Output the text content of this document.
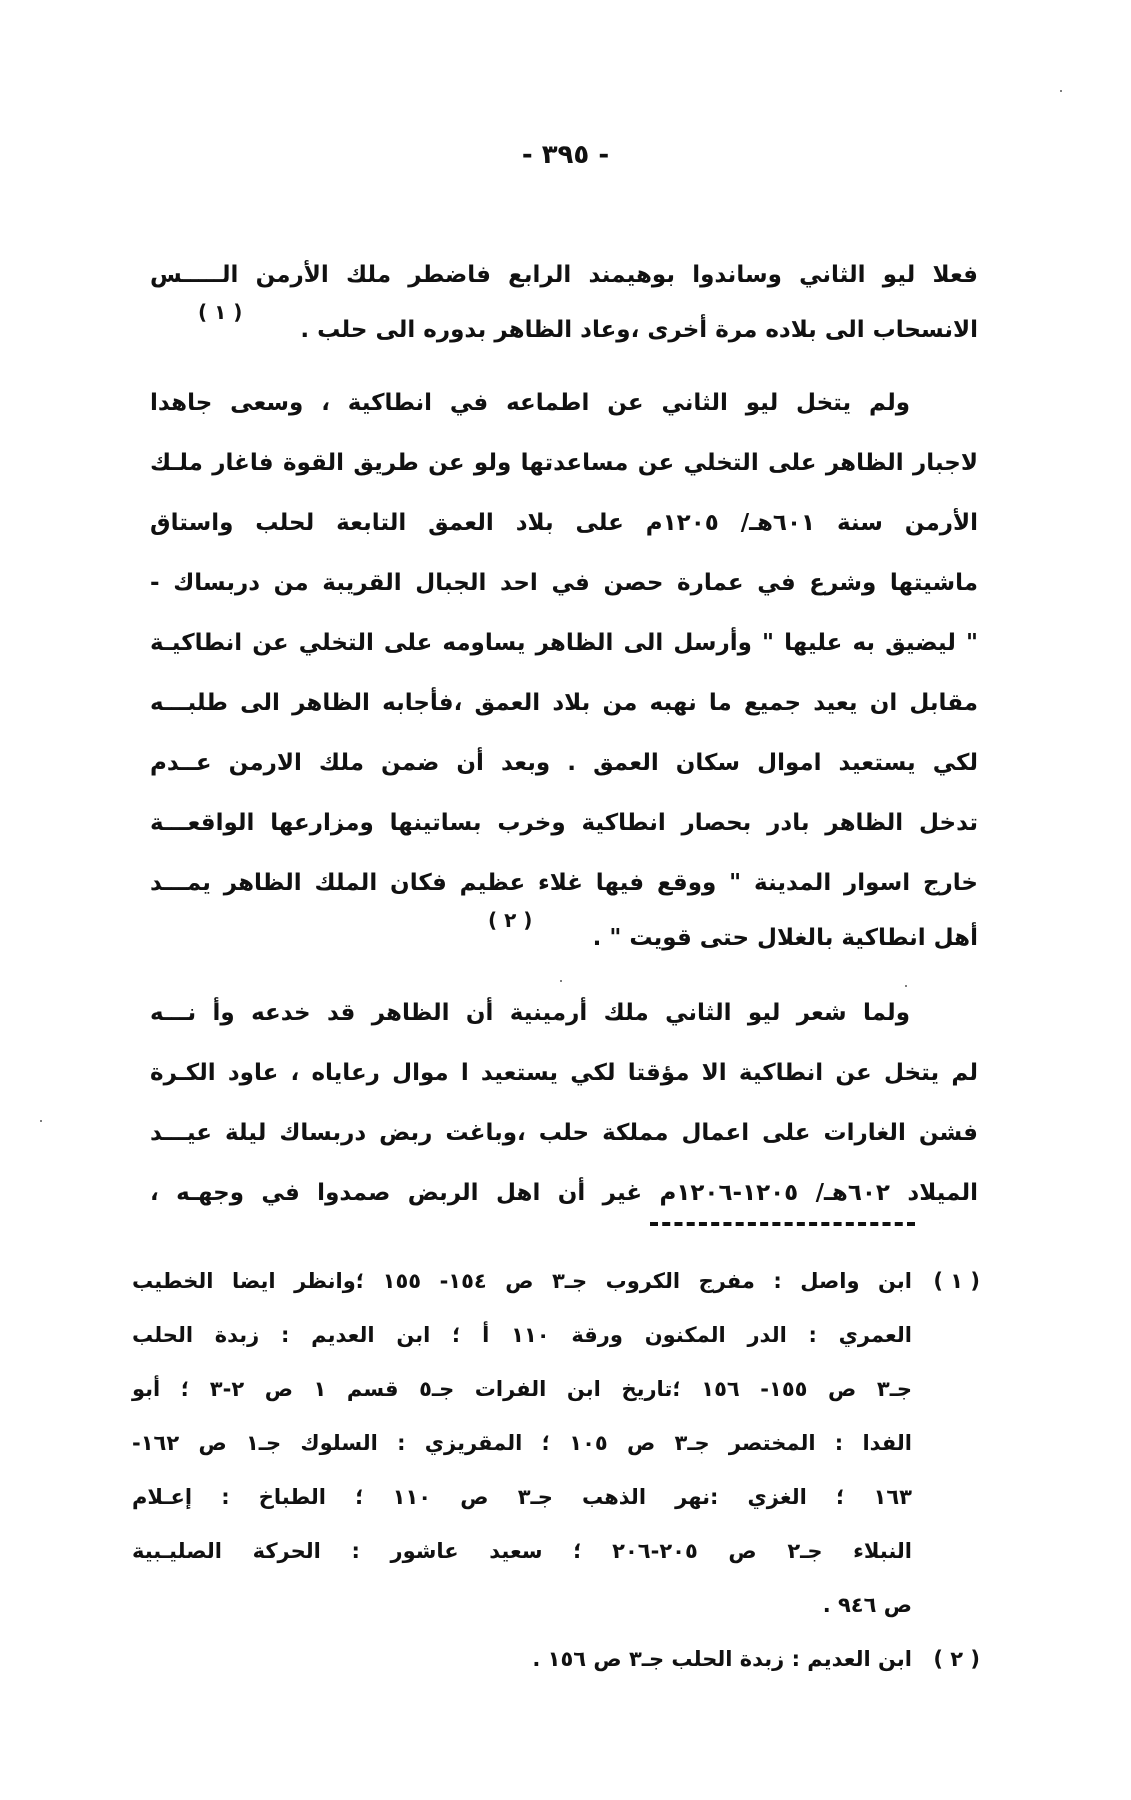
- ٣٩٥ -
فعلا ليو الثاني وساندوا بوهيمند الرابع فاضطر ملك الأرمن الـــــس
الانسحاب الى بلاده مرة أخرى ،وعاد الظاهر بدوره الى حلب .
ولم يتخل ليو الثاني عن اطماعه في انطاكية ، وسعى جاهدا
لاجبار الظاهر على التخلي عن مساعدتها ولو عن طريق القوة فاغار ملـك
الأرمن سنة ٦٠١هـ/ ١٢٠٥م على بلاد العمق التابعة لحلب واستاق
ماشيتها وشرع في عمارة حصن في احد الجبال القريبة من دربساك -
" ليضيق به عليها " وأرسل الى الظاهر يساومه على التخلي عن انطاكيـة
مقابل ان يعيد جميع ما نهبه من بلاد العمق ،فأجابه الظاهر الى طلبـــه
لكي يستعيد اموال سكان العمق . وبعد أن ضمن ملك الارمن عــدم
تدخل الظاهر بادر بحصار انطاكية وخرب بساتينها ومزارعها الواقعـــة
خارج اسوار المدينة " ووقع فيها غلاء عظيم فكان الملك الظاهر يمـــد
أهل انطاكية بالغلال حتى قويت " .
ولما شعر ليو الثاني ملك أرمينية أن الظاهر قد خدعه وأ نـــه
لم يتخل عن انطاكية الا مؤقتا لكي يستعيد ا موال رعاياه ، عاود الكـرة
فشن الغارات على اعمال مملكة حلب ،وباغت ربض دربساك ليلة عيـــد
الميلاد ٦٠٢هـ/ ١٢٠٥-١٢٠٦م غير أن اهل الربض صمدوا في وجهـه ،
( ١ )
( ٢ )
( ١ )
ابن واصل : مفرج الكروب جـ٣ ص ١٥٤- ١٥٥ ؛وانظر ايضا الخطيب
العمري : الدر المكنون ورقة ١١٠ أ ؛ ابن العديم : زبدة الحلب
جـ٣ ص ١٥٥- ١٥٦ ؛تاريخ ابن الفرات جـ٥ قسم ١ ص ٢-٣ ؛ أبو
الفدا : المختصر جـ٣ ص ١٠٥ ؛ المقريزي : السلوك جـ١ ص ١٦٢-
١٦٣ ؛ الغزي :نهر الذهب جـ٣ ص ١١٠ ؛ الطباخ : إعـلام
النبلاء جـ٢ ص ٢٠٥-٢٠٦ ؛ سعيد عاشور : الحركة الصليـبية
ص ٩٤٦ .
( ٢ )
ابن العديم : زبدة الحلب جـ٣ ص ١٥٦ .
